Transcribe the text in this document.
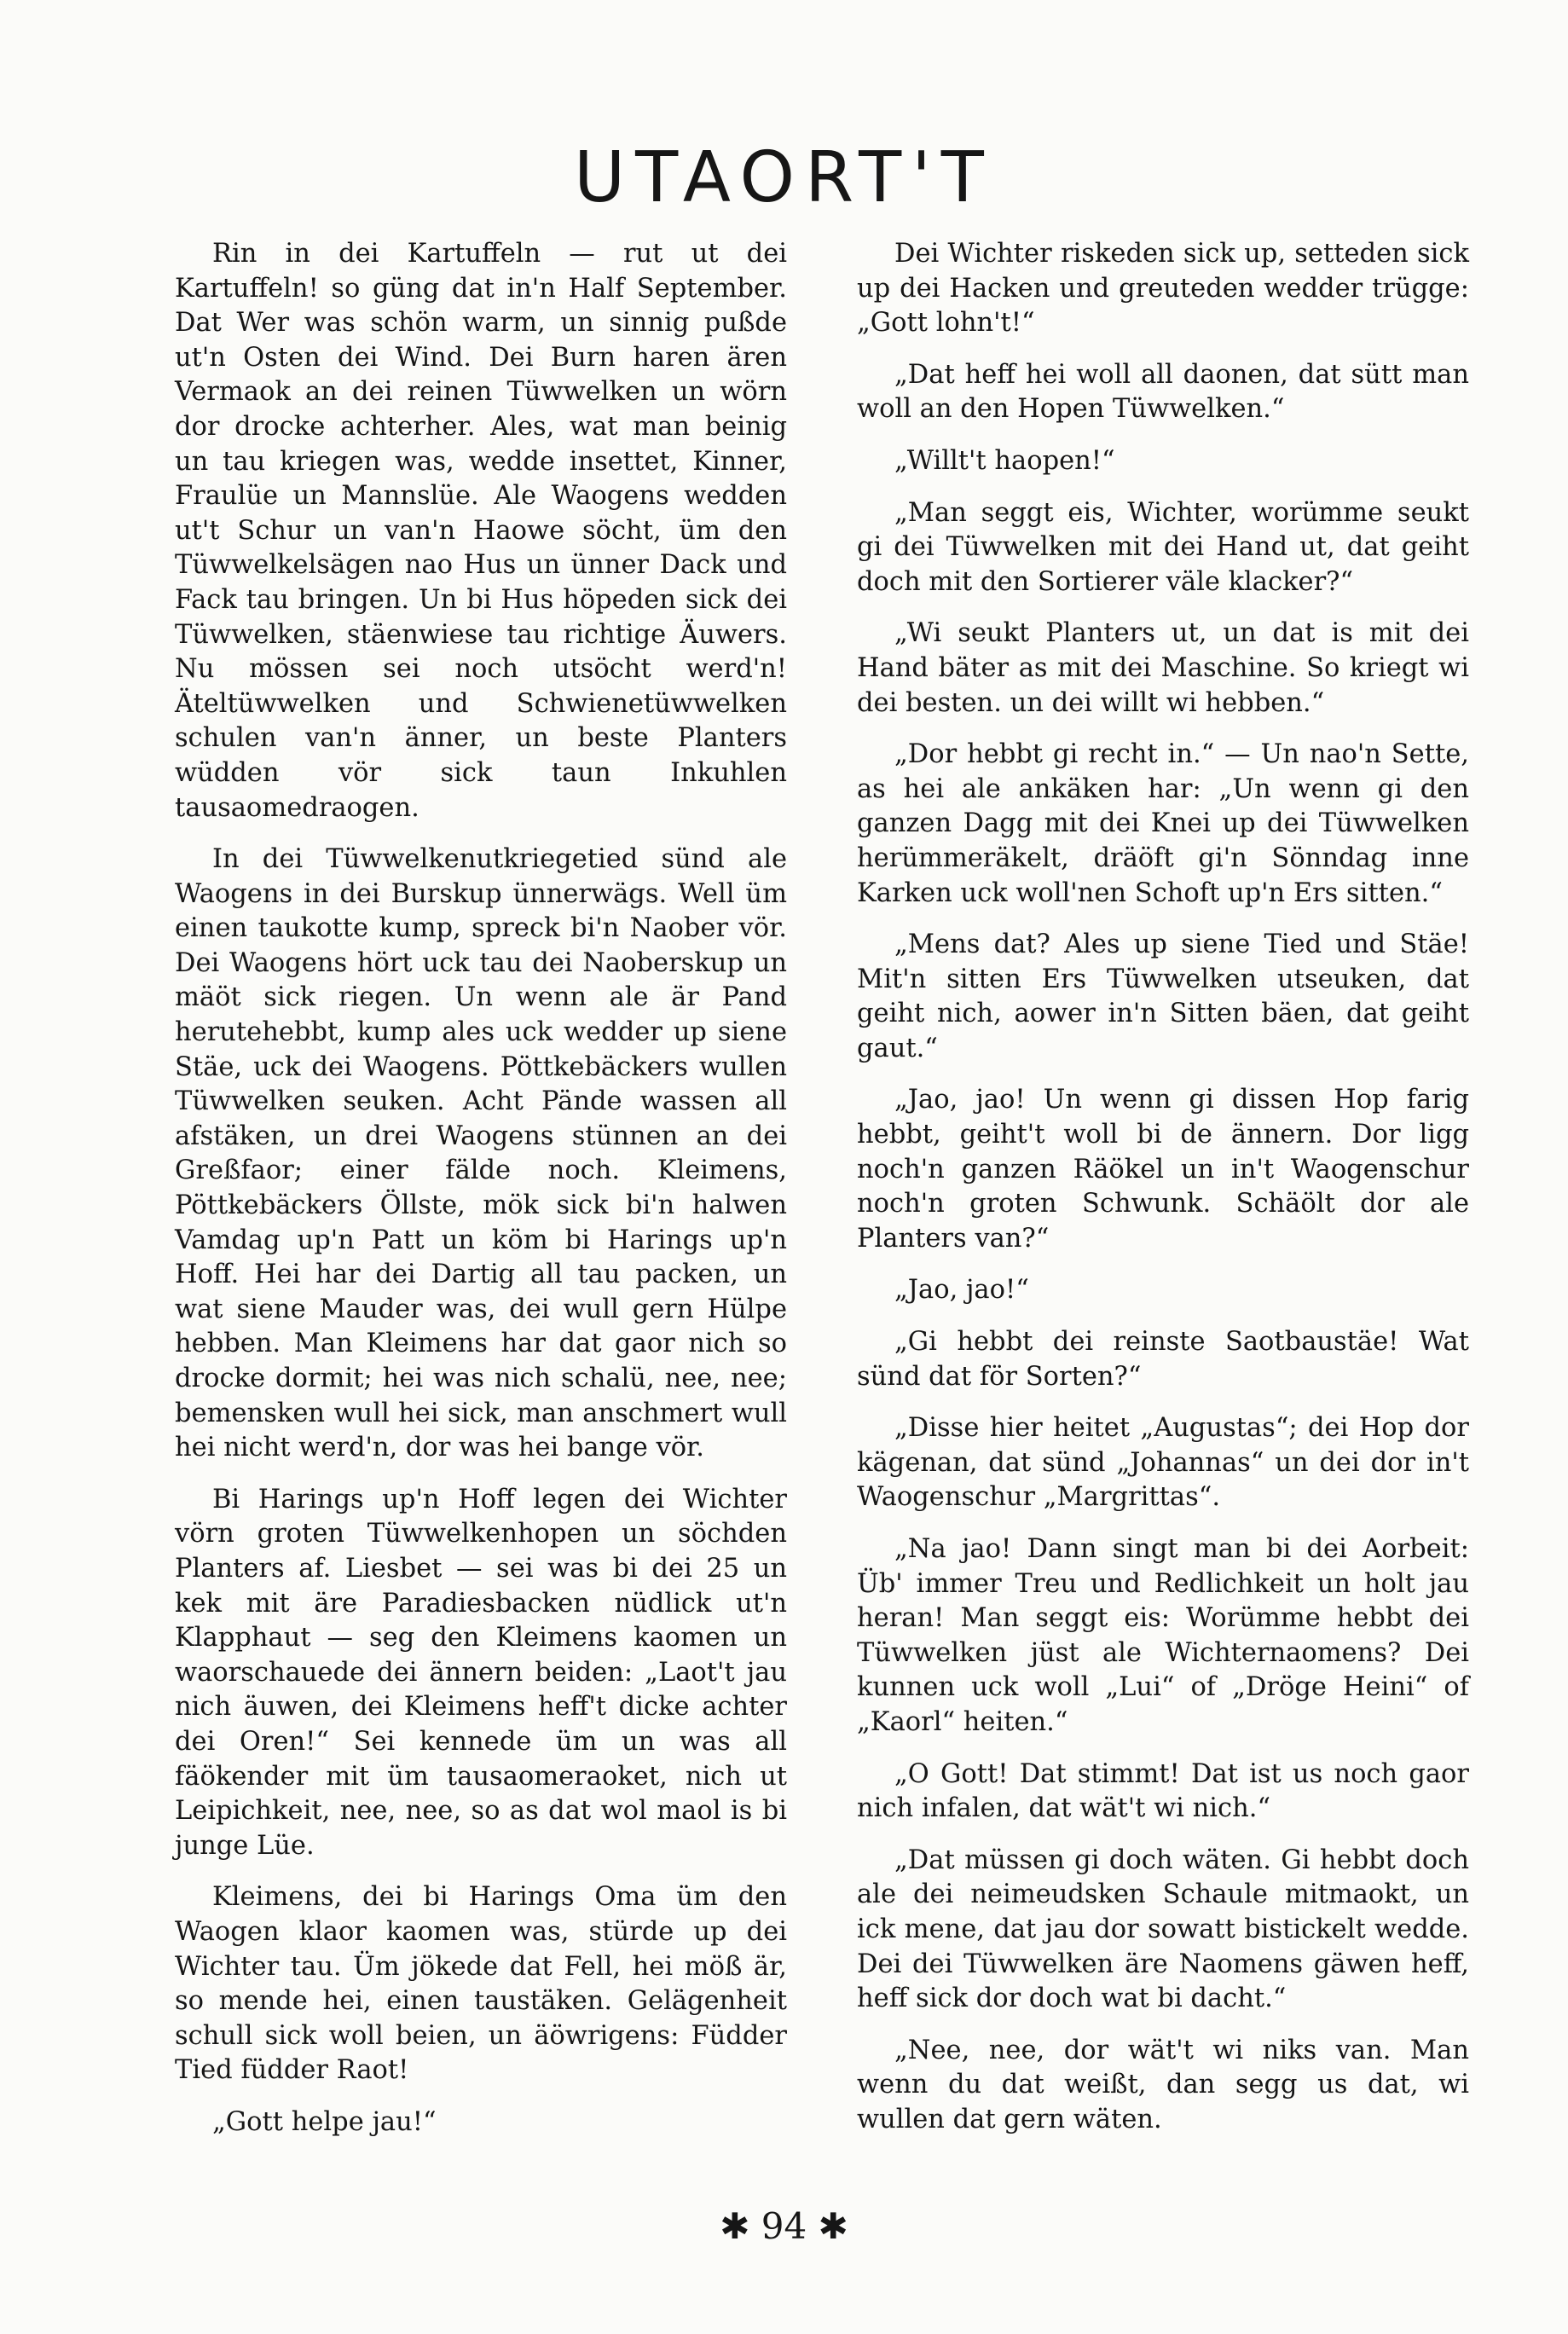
UTAORT'T

Rin in dei Kartuffeln — rut ut dei Kartuffeln! so güng dat in'n Half September. Dat Wer was schön warm, un sinnig pußde ut'n Osten dei Wind. Dei Burn haren ären Vermaok an dei reinen Tüwwelken un wörn dor drocke achterher. Ales, wat man beinig un tau kriegen was, wedde insettet, Kinner, Fraulüe un Mannslüe. Ale Waogens wedden ut't Schur un van'n Haowe söcht, üm den Tüwwelkelsägen nao Hus un ünner Dack und Fack tau bringen. Un bi Hus höpeden sick dei Tüwwelken, stäenwiese tau richtige Äuwers. Nu mössen sei noch utsöcht werd'n! Äteltüwwelken und Schwienetüwwelken schulen van'n änner, un beste Planters wüdden vör sick taun Inkuhlen tausaomedraogen.

In dei Tüwwelkenutkriegetied sünd ale Waogens in dei Burskup ünnerwägs. Well üm einen taukotte kump, spreck bi'n Naober vör. Dei Waogens hört uck tau dei Naoberskup un mäöt sick riegen. Un wenn ale är Pand herutehebbt, kump ales uck wedder up siene Stäe, uck dei Waogens. Pöttkebäckers wullen Tüwwelken seuken. Acht Pände wassen all afstäken, un drei Waogens stünnen an dei Greßfaor; einer fälde noch. Kleimens, Pöttkebäckers Öllste, mök sick bi'n halwen Vamdag up'n Patt un köm bi Harings up'n Hoff. Hei har dei Dartig all tau packen, un wat siene Mauder was, dei wull gern Hülpe hebben. Man Kleimens har dat gaor nich so drocke dormit; hei was nich schalü, nee, nee; bemensken wull hei sick, man anschmert wull hei nicht werd'n, dor was hei bange vör.

Bi Harings up'n Hoff legen dei Wichter vörn groten Tüwwelkenhopen un söchden Planters af. Liesbet — sei was bi dei 25 un kek mit äre Paradiesbacken nüdlick ut'n Klapphaut — seg den Kleimens kaomen un waorschauede dei ännern beiden: „Laot't jau nich äuwen, dei Kleimens heff't dicke achter dei Oren!“ Sei kennede üm un was all fäökender mit üm tausaomeraoket, nich ut Leipichkeit, nee, nee, so as dat wol maol is bi junge Lüe.

Kleimens, dei bi Harings Oma üm den Waogen klaor kaomen was, stürde up dei Wichter tau. Üm jökede dat Fell, hei möß är, so mende hei, einen taustäken. Gelägenheit schull sick woll beien, un äöwrigens: Füdder Tied füdder Raot!

„Gott helpe jau!“

Dei Wichter riskeden sick up, setteden sick up dei Hacken und greuteden wedder trügge: „Gott lohn't!“

„Dat heff hei woll all daonen, dat sütt man woll an den Hopen Tüwwelken.“

„Willt't haopen!“

„Man seggt eis, Wichter, worümme seukt gi dei Tüwwelken mit dei Hand ut, dat geiht doch mit den Sortierer väle klacker?“

„Wi seukt Planters ut, un dat is mit dei Hand bäter as mit dei Maschine. So kriegt wi dei besten. un dei willt wi hebben.“

„Dor hebbt gi recht in.“ — Un nao'n Sette, as hei ale ankäken har: „Un wenn gi den ganzen Dagg mit dei Knei up dei Tüwwelken herümmeräkelt, dräöft gi'n Sönndag inne Karken uck woll'nen Schoft up'n Ers sitten.“

„Mens dat? Ales up siene Tied und Stäe! Mit'n sitten Ers Tüwwelken utseuken, dat geiht nich, aower in'n Sitten bäen, dat geiht gaut.“

„Jao, jao! Un wenn gi dissen Hop farig hebbt, geiht't woll bi de ännern. Dor ligg noch'n ganzen Räökel un in't Waogenschur noch'n groten Schwunk. Schäölt dor ale Planters van?“

„Jao, jao!“

„Gi hebbt dei reinste Saotbaustäe! Wat sünd dat för Sorten?“

„Disse hier heitet „Augustas“; dei Hop dor kägenan, dat sünd „Johannas“ un dei dor in't Waogenschur „Margrittas“.

„Na jao! Dann singt man bi dei Aorbeit: Üb' immer Treu und Redlichkeit un holt jau heran! Man seggt eis: Worümme hebbt dei Tüwwelken jüst ale Wichternaomens? Dei kunnen uck woll „Lui“ of „Dröge Heini“ of „Kaorl“ heiten.“

„O Gott! Dat stimmt! Dat ist us noch gaor nich infalen, dat wät't wi nich.“

„Dat müssen gi doch wäten. Gi hebbt doch ale dei neimeudsken Schaule mitmaokt, un ick mene, dat jau dor sowatt bistickelt wedde. Dei dei Tüwwelken äre Naomens gäwen heff, heff sick dor doch wat bi dacht.“

„Nee, nee, dor wät't wi niks van. Man wenn du dat weißt, dan segg us dat, wi wullen dat gern wäten.

✱ 94 ✱
